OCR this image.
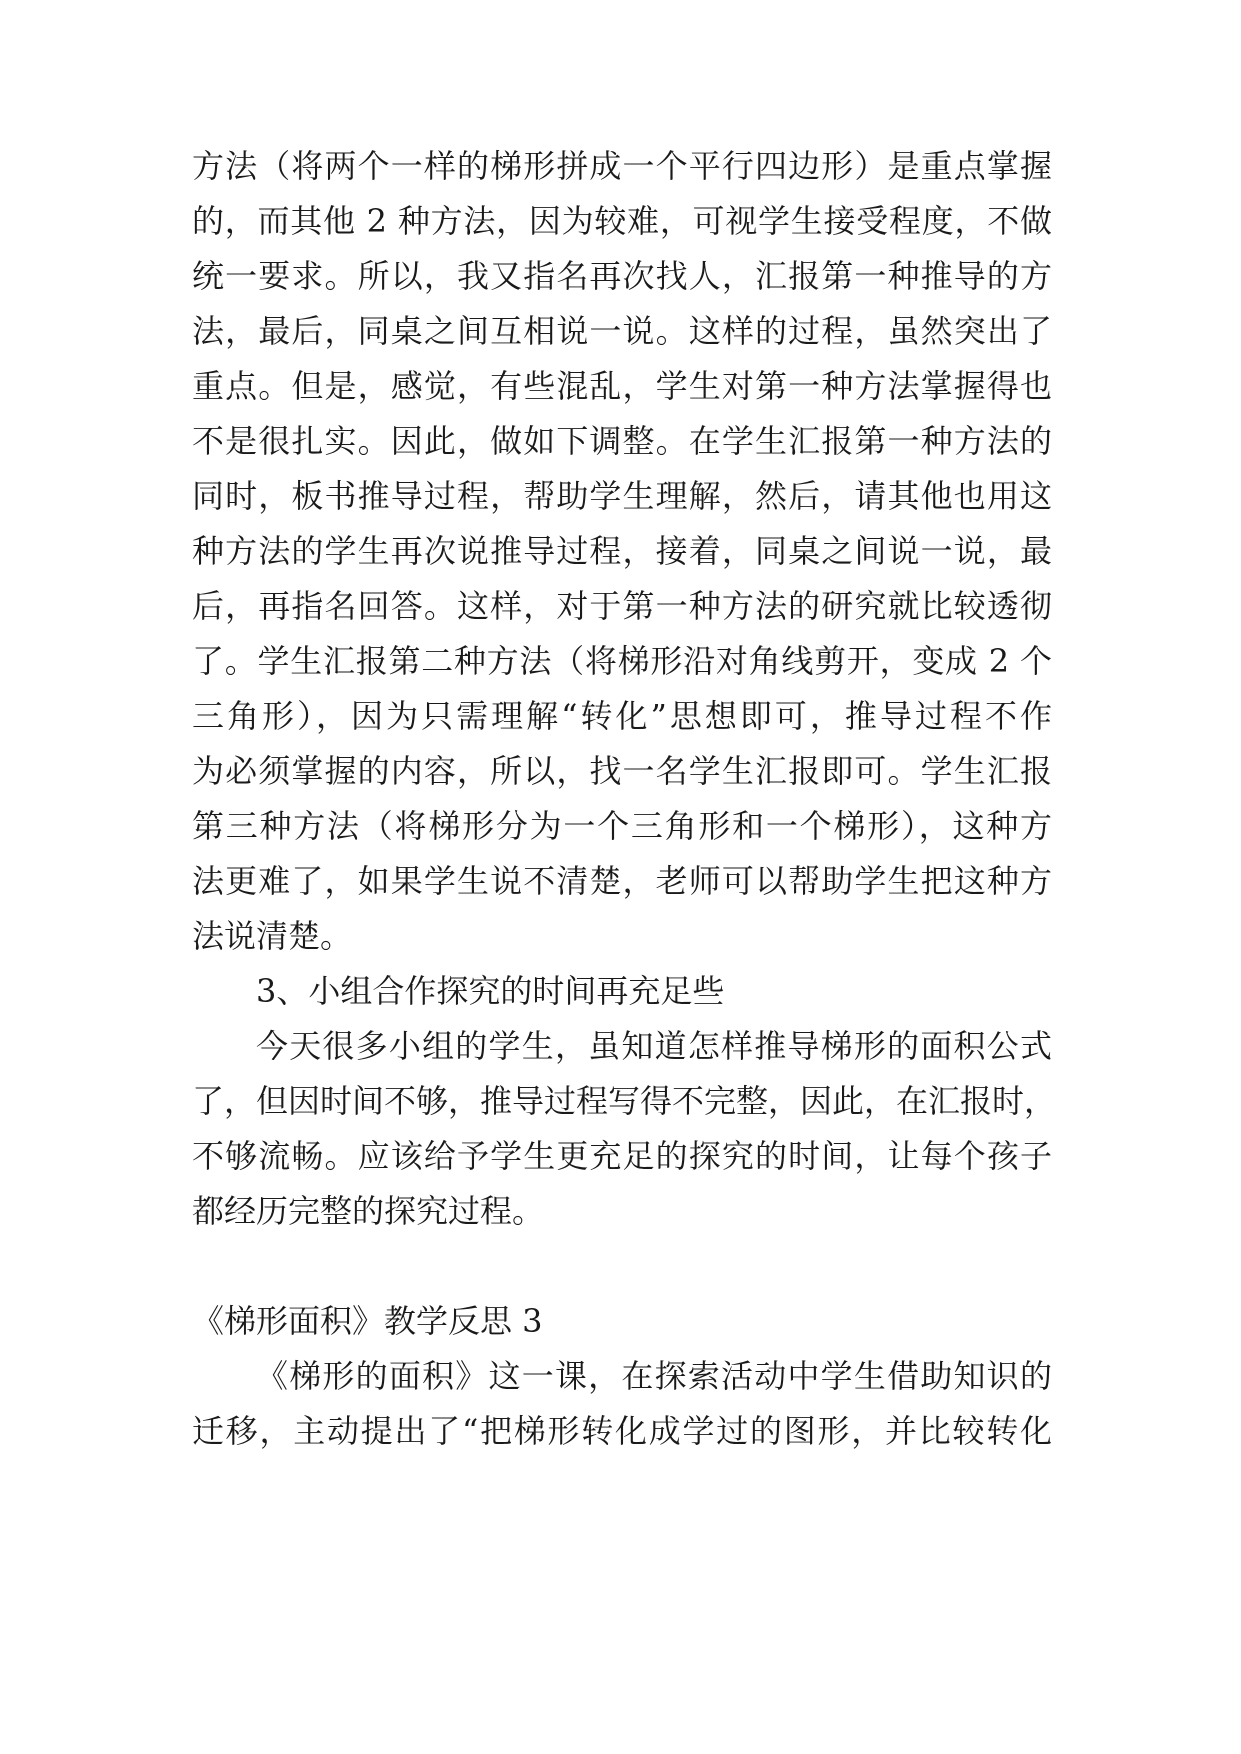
方法（将两个一样的梯形拼成一个平行四边形）是重点掌握
的，而其他 2 种方法，因为较难，可视学生接受程度，不做
统一要求。所以，我又指名再次找人，汇报第一种推导的方
法，最后，同桌之间互相说一说。这样的过程，虽然突出了
重点。但是，感觉，有些混乱，学生对第一种方法掌握得也
不是很扎实。因此，做如下调整。在学生汇报第一种方法的
同时，板书推导过程，帮助学生理解，然后，请其他也用这
种方法的学生再次说推导过程，接着，同桌之间说一说，最
后，再指名回答。这样，对于第一种方法的研究就比较透彻
了。学生汇报第二种方法（将梯形沿对角线剪开，变成 2 个
三角形），因为只需理解“转化”思想即可，推导过程不作
为必须掌握的内容，所以，找一名学生汇报即可。学生汇报
第三种方法（将梯形分为一个三角形和一个梯形），这种方
法更难了，如果学生说不清楚，老师可以帮助学生把这种方
法说清楚。
3、小组合作探究的时间再充足些
今天很多小组的学生，虽知道怎样推导梯形的面积公式
了，但因时间不够，推导过程写得不完整，因此，在汇报时，
不够流畅。应该给予学生更充足的探究的时间，让每个孩子
都经历完整的探究过程。
《梯形面积》教学反思 3
《梯形的面积》这一课，在探索活动中学生借助知识的
迁移，主动提出了“把梯形转化成学过的图形，并比较转化
